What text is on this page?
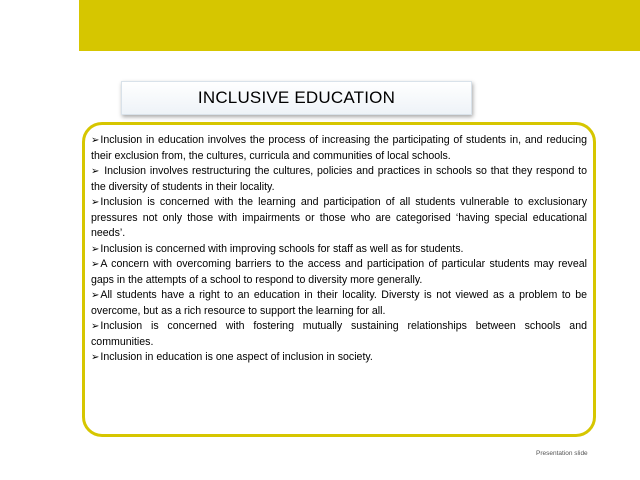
INCLUSIVE EDUCATION
➢Inclusion in education involves the process of increasing the participating of students in, and reducing their exclusion from, the cultures, curricula and communities of local schools.
➢ Inclusion involves restructuring the cultures, policies and practices in schools so that they respond to the diversity of students in their locality.
➢Inclusion is concerned with the learning and participation of all students vulnerable to exclusionary pressures not only those with impairments or those who are categorised ‘having special educational needs’.
➢Inclusion is concerned with improving schools for staff as well as for students.
➢A concern with overcoming barriers to the access and participation of particular students may reveal gaps in the attempts of a school to respond to diversity more generally.
➢All students have a right to an education in their locality. Diversty is not viewed as a problem to be overcome, but as a rich resource to support the learning for all.
➢Inclusion is concerned with fostering mutually sustaining relationships between schools and communities.
➢Inclusion in education is one aspect of inclusion in society.
Presentation slide
